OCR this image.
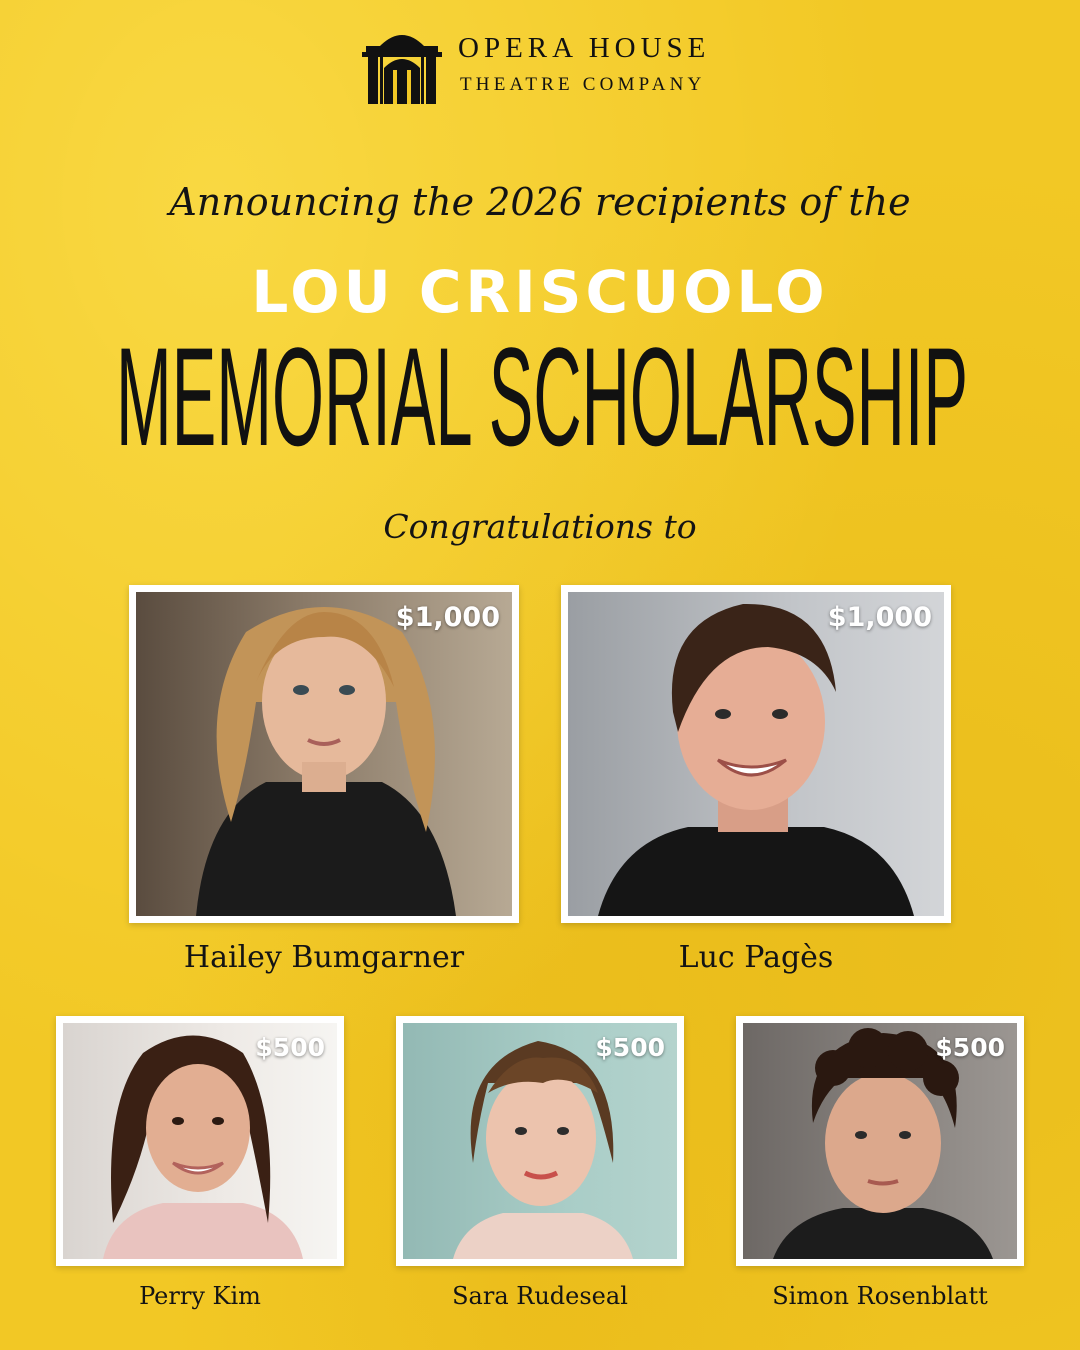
OPERA HOUSE
THEATRE COMPANY
Announcing the 2026 recipients of the
LOU CRISCUOLO
MEMORIAL SCHOLARSHIP
Congratulations to
$1,000
Hailey Bumgarner
$1,000
Luc Pagès
$500
Perry Kim
$500
Sara Rudeseal
$500
Simon Rosenblatt
